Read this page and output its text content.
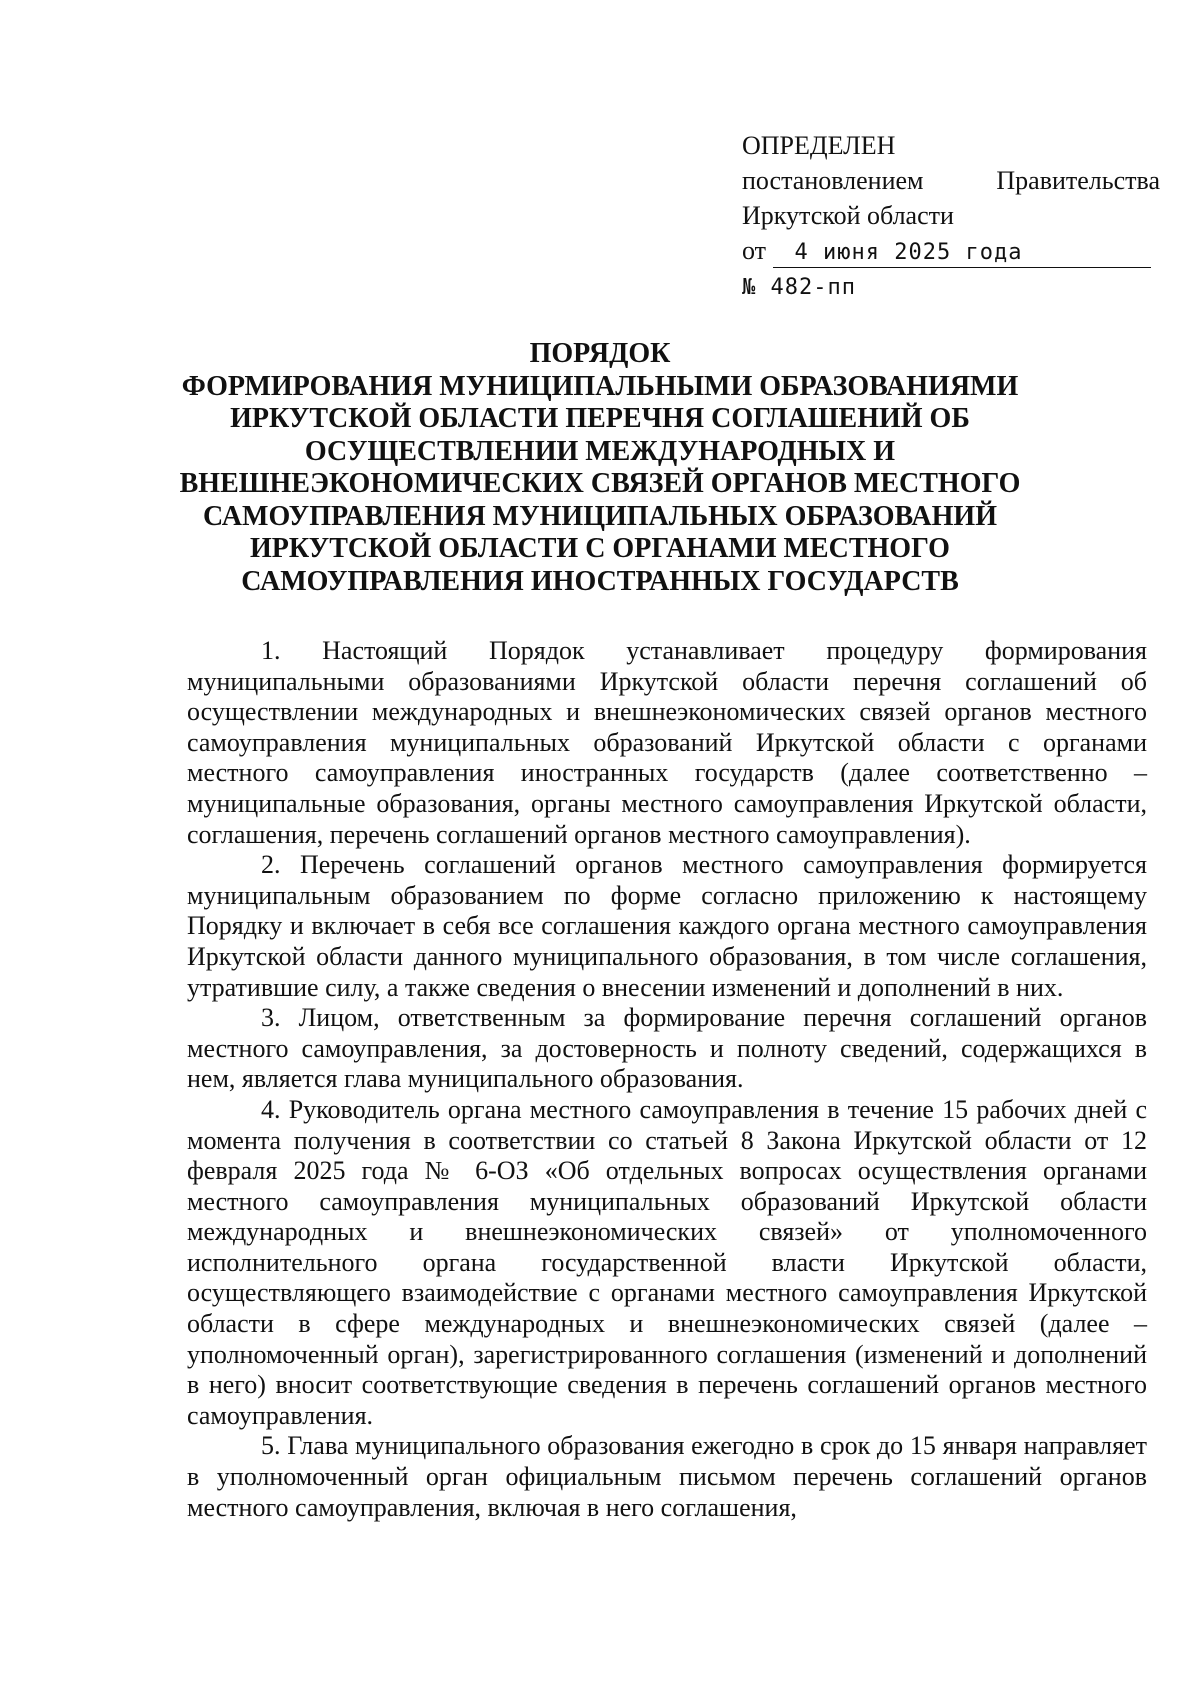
ОПРЕДЕЛЕН
постановлением	Правительства
Иркутской области
от 4 июня 2025 года
№ 482-пп
ПОРЯДОК
ФОРМИРОВАНИЯ МУНИЦИПАЛЬНЫМИ ОБРАЗОВАНИЯМИ
ИРКУТСКОЙ ОБЛАСТИ ПЕРЕЧНЯ СОГЛАШЕНИЙ ОБ
ОСУЩЕСТВЛЕНИИ МЕЖДУНАРОДНЫХ И
ВНЕШНЕЭКОНОМИЧЕСКИХ СВЯЗЕЙ ОРГАНОВ МЕСТНОГО
САМОУПРАВЛЕНИЯ МУНИЦИПАЛЬНЫХ ОБРАЗОВАНИЙ
ИРКУТСКОЙ ОБЛАСТИ С ОРГАНАМИ МЕСТНОГО
САМОУПРАВЛЕНИЯ ИНОСТРАННЫХ ГОСУДАРСТВ

1. Настоящий Порядок устанавливает процедуру формирования муниципальными образованиями Иркутской области перечня соглашений об осуществлении международных и внешнеэкономических связей органов местного самоуправления муниципальных образований Иркутской области с органами местного самоуправления иностранных государств (далее соответственно – муниципальные образования, органы местного самоуправления Иркутской области, соглашения, перечень соглашений органов местного самоуправления).

2. Перечень соглашений органов местного самоуправления формируется муниципальным образованием по форме согласно приложению к настоящему Порядку и включает в себя все соглашения каждого органа местного самоуправления Иркутской области данного муниципального образования, в том числе соглашения, утратившие силу, а также сведения о внесении изменений и дополнений в них.

3. Лицом, ответственным за формирование перечня соглашений органов местного самоуправления, за достоверность и полноту сведений, содержащихся в нем, является глава муниципального образования.

4. Руководитель органа местного самоуправления в течение 15 рабочих дней с момента получения в соответствии со статьей 8 Закона Иркутской области от 12 февраля 2025 года № 6-ОЗ «Об отдельных вопросах осуществления органами местного самоуправления муниципальных образований Иркутской области международных и внешнеэкономических связей» от уполномоченного исполнительного органа государственной власти Иркутской области, осуществляющего взаимодействие с органами местного самоуправления Иркутской области в сфере международных и внешнеэкономических связей (далее – уполномоченный орган), зарегистрированного соглашения (изменений и дополнений в него) вносит соответствующие сведения в перечень соглашений органов местного самоуправления.

5. Глава муниципального образования ежегодно в срок до 15 января направляет в уполномоченный орган официальным письмом перечень соглашений органов местного самоуправления, включая в него соглашения,
